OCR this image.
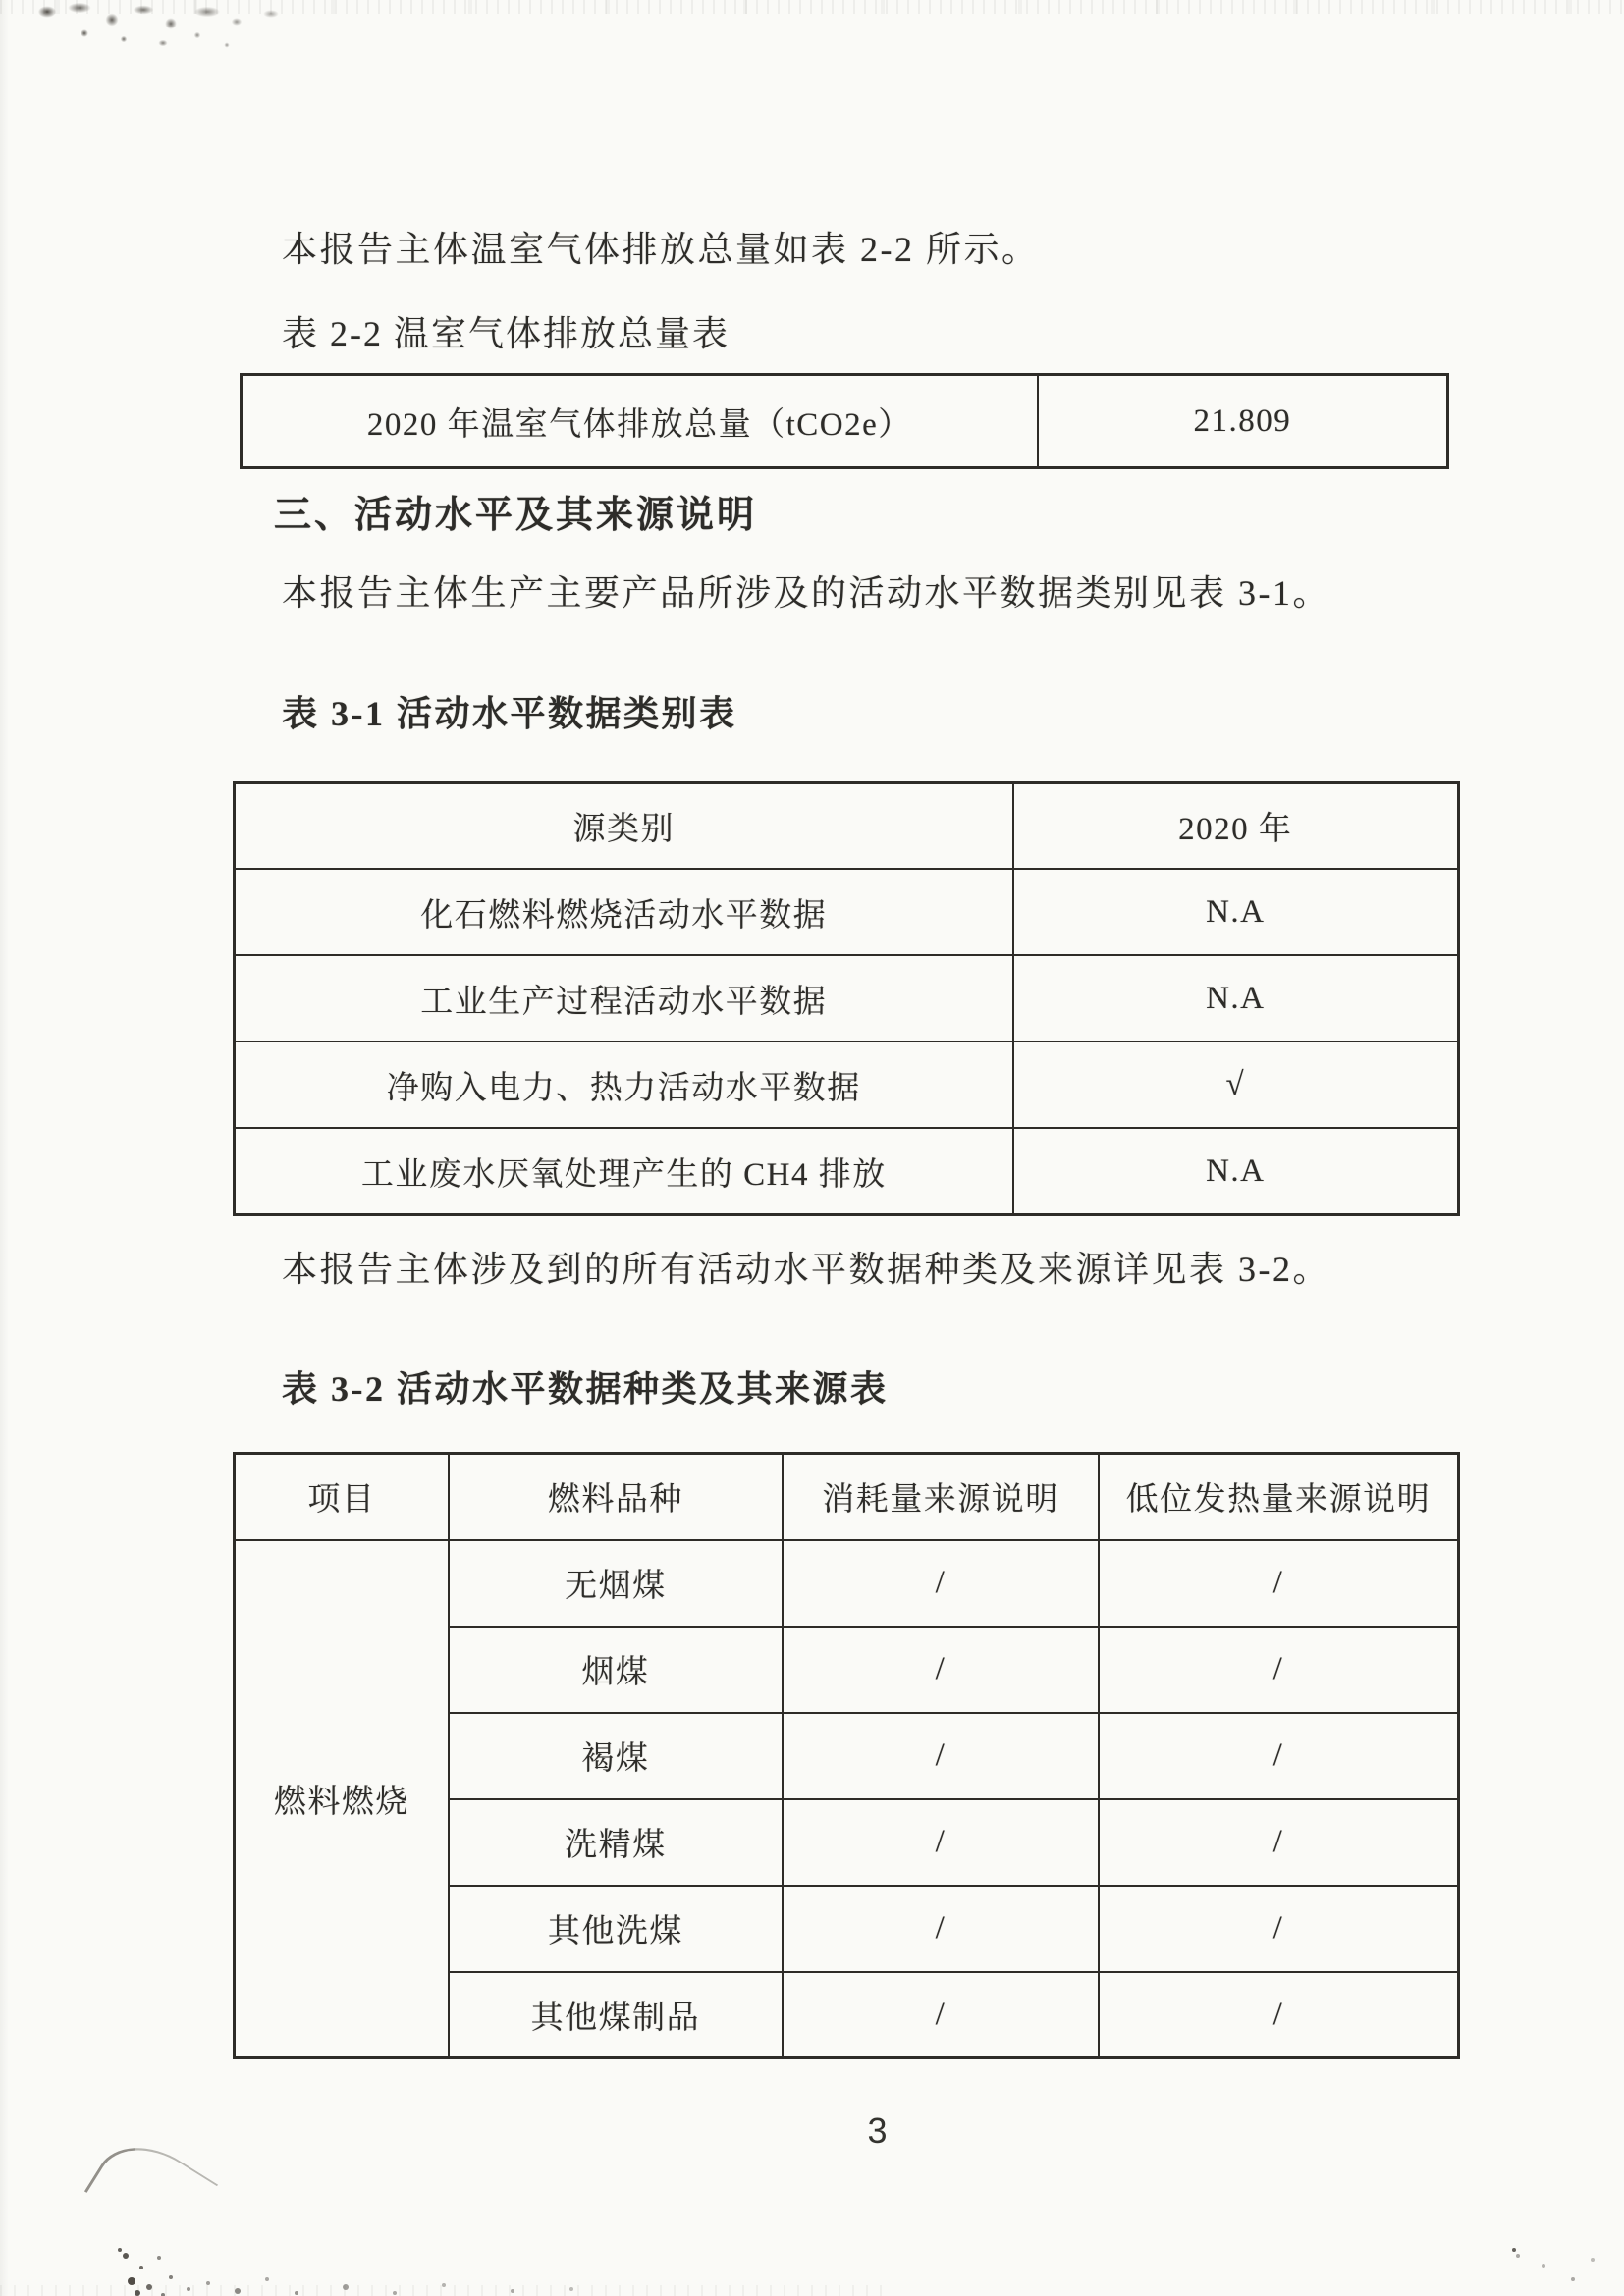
本报告主体温室气体排放总量如表 2-2 所示。

表 2-2 温室气体排放总量表

2020 年温室气体排放总量（tCO2e）	21.809
三、活动水平及其来源说明

本报告主体生产主要产品所涉及的活动水平数据类别见表 3-1。

表 3-1 活动水平数据类别表

源类别	2020 年
化石燃料燃烧活动水平数据	N.A
工业生产过程活动水平数据	N.A
净购入电力、热力活动水平数据	√
工业废水厌氧处理产生的 CH4 排放	N.A

本报告主体涉及到的所有活动水平数据种类及来源详见表 3-2。

表 3-2 活动水平数据种类及其来源表

项目	燃料品种	消耗量来源说明	低位发热量来源说明
燃料燃烧	无烟煤	/	/
	烟煤	/	/
	褐煤	/	/
	洗精煤	/	/
	其他洗煤	/	/
	其他煤制品	/	/
3
